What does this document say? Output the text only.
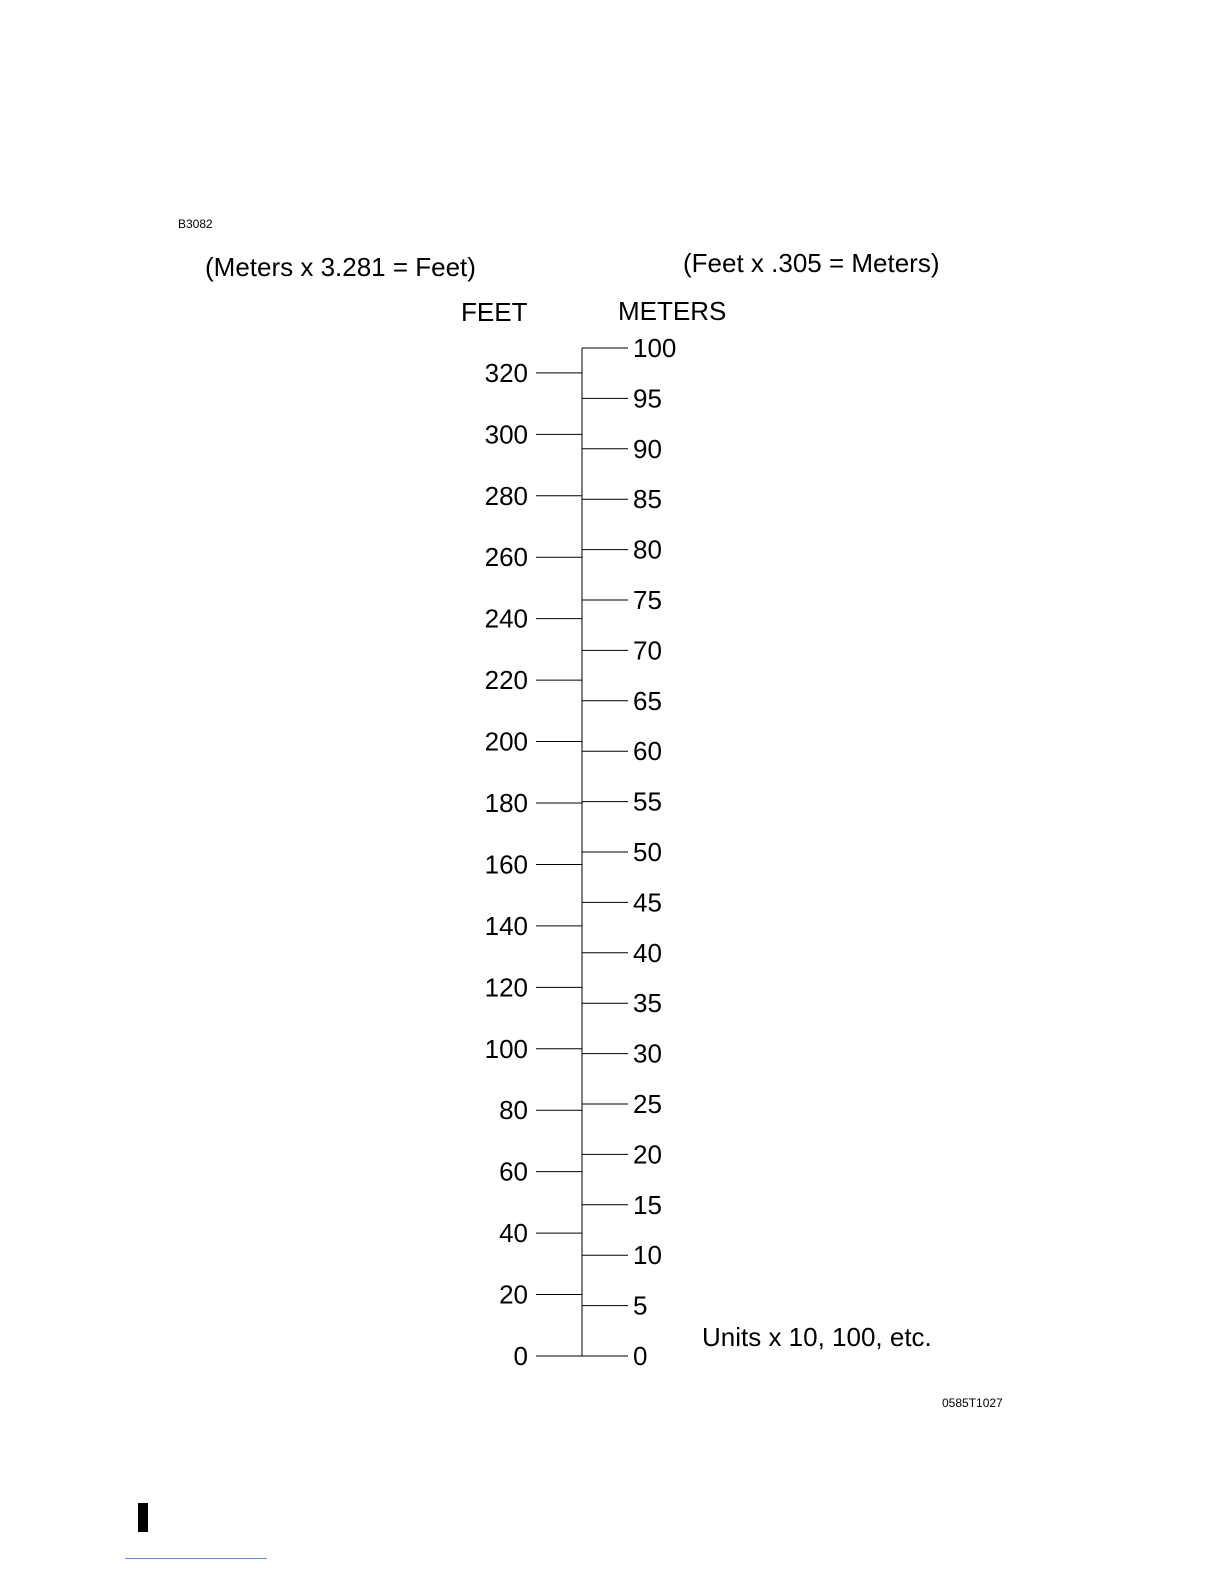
B3082
(Meters x 3.281 = Feet)	(Feet x .305 = Meters)
FEET	METERS
0
20
40
60
80
100
120
140
160
180
200
220
240
260
280
300
320
0
5
10
15
20
25
30
35
40
45
50
55
60
65
70
75
80
85
90
95
100
Units x 10, 100, etc.
0585T1027
